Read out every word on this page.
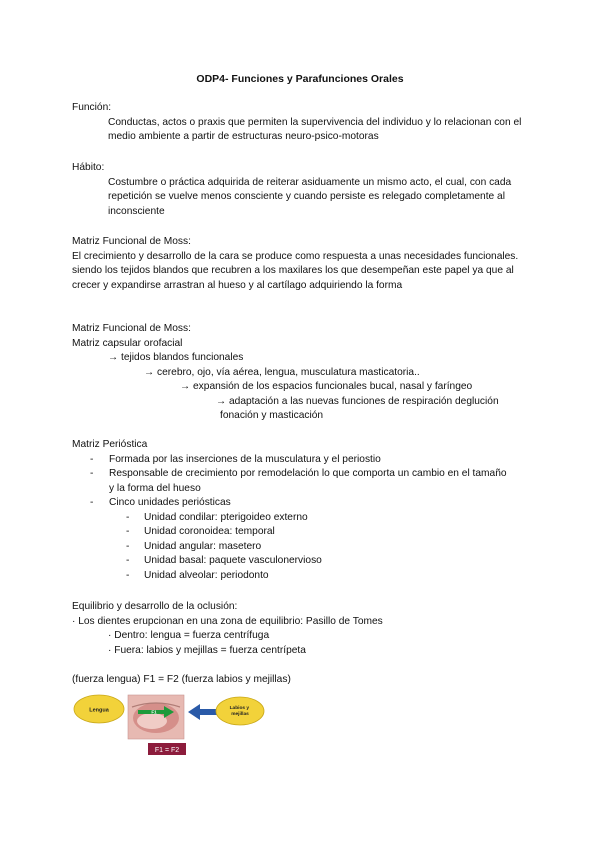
ODP4- Funciones y Parafunciones Orales
Función:
Conductas, actos o praxis que permiten la supervivencia del individuo y lo relacionan con el medio ambiente a partir de estructuras neuro-psico-motoras
Hábito:
Costumbre o práctica adquirida de reiterar asiduamente un mismo acto, el cual, con cada repetición se vuelve menos consciente y cuando persiste es relegado completamente al inconsciente
Matriz Funcional de Moss:
El crecimiento y desarrollo de la cara se produce como respuesta a unas necesidades funcionales. siendo los tejidos blandos que recubren a los maxilares los que desempeñan este papel ya que al crecer y expandirse arrastran al hueso y al cartílago adquiriendo la forma
Matriz Funcional de Moss:
Matriz capsular orofacial
→ tejidos blandos funcionales
→ cerebro, ojo, vía aérea, lengua, musculatura masticatoria..
→ expansión de los espacios funcionales bucal, nasal y faríngeo
→ adaptación a las nuevas funciones de respiración deglución
fonación y masticación
Matriz Perióstica
- Formada por las inserciones de la musculatura y el periostio
- Responsable de crecimiento por remodelación lo que comporta un cambio en el tamaño y la forma del hueso
- Cinco unidades periósticas
- Unidad condilar: pterigoideo externo
- Unidad coronoidea: temporal
- Unidad angular: masetero
- Unidad basal: paquete vasculonervioso
- Unidad alveolar: periodonto
Equilibrio y desarrollo de la oclusión:
· Los dientes erupcionan en una zona de equilibrio: Pasillo de Tomes
· Dentro: lengua = fuerza centrífuga
· Fuera: labios y mejillas = fuerza centrípeta
(fuerza lengua) F1 = F2 (fuerza labios y mejillas)
Lengua	F1
Labios y mejillas
F1 = F2
